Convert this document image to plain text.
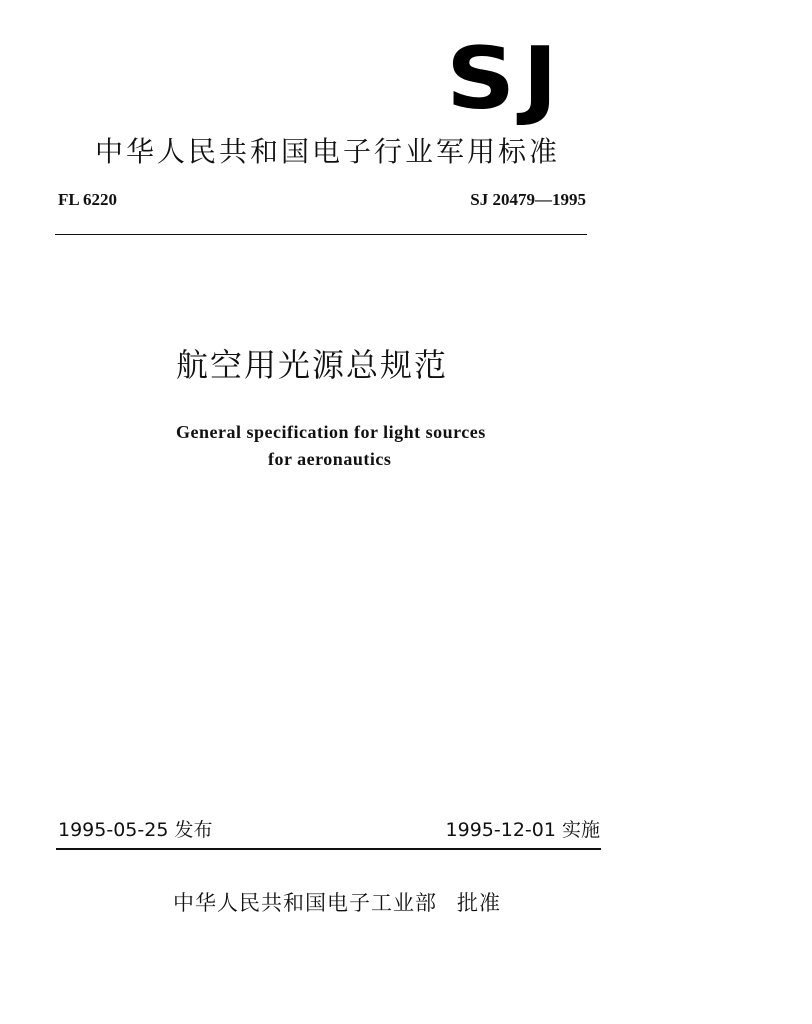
SJ
中华人民共和国电子行业军用标准
FL 6220	SJ 20479—1995
航空用光源总规范
General specification for light sources
for aeronautics
1995-05-25 发布	1995-12-01 实施
中华人民共和国电子工业部 批准
